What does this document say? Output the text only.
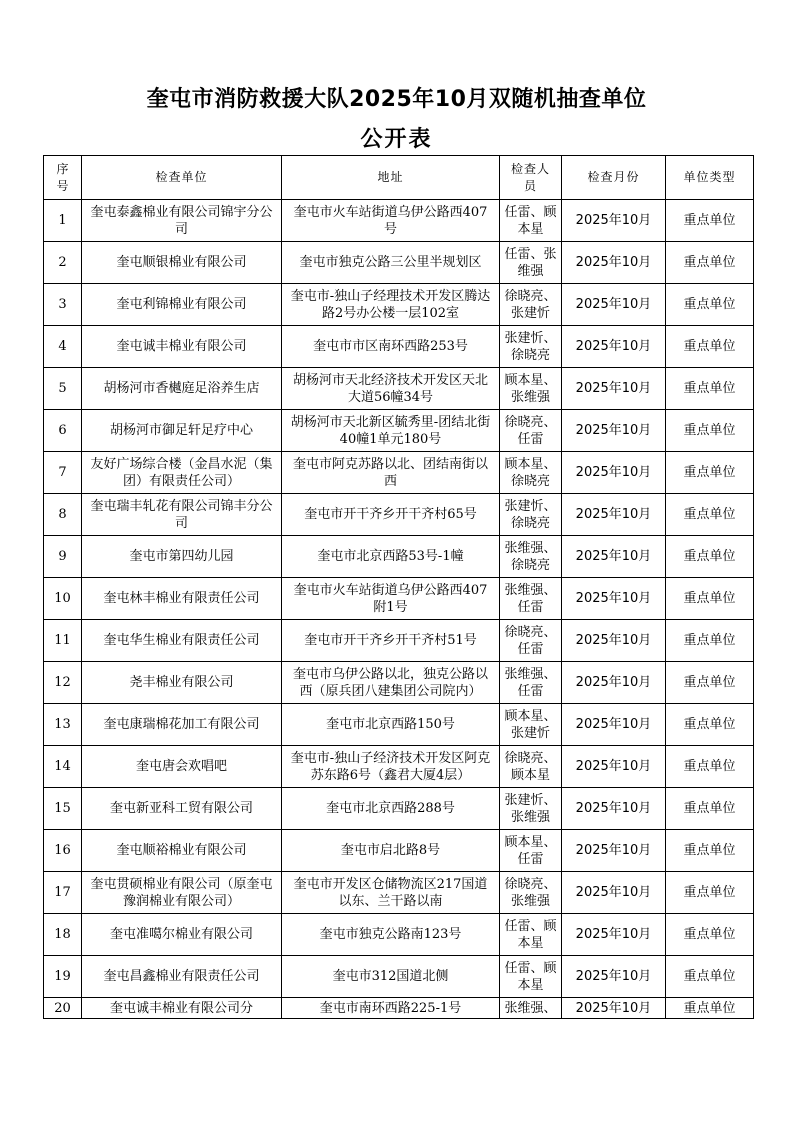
奎屯市消防救援大队2025年10月双随机抽查单位
公开表
序号	检查单位	地址	检查人员	检查月份	单位类型
1	奎屯泰鑫棉业有限公司锦宇分公司	奎屯市火车站街道乌伊公路西407号	任雷、顾本星	2025年10月	重点单位
2	奎屯顺银棉业有限公司	奎屯市独克公路三公里半规划区	任雷、张维强	2025年10月	重点单位
3	奎屯利锦棉业有限公司	奎屯市-独山子经理技术开发区腾达路2号办公楼一层102室	徐晓亮、张建忻	2025年10月	重点单位
4	奎屯诚丰棉业有限公司	奎屯市市区南环西路253号	张建忻、徐晓亮	2025年10月	重点单位
5	胡杨河市香樾庭足浴养生店	胡杨河市天北经济技术开发区天北大道56幢34号	顾本星、张维强	2025年10月	重点单位
6	胡杨河市御足轩足疗中心	胡杨河市天北新区毓秀里-团结北街40幢1单元180号	徐晓亮、任雷	2025年10月	重点单位
7	友好广场综合楼（金昌水泥（集团）有限责任公司）	奎屯市阿克苏路以北、团结南街以西	顾本星、徐晓亮	2025年10月	重点单位
8	奎屯瑞丰轧花有限公司锦丰分公司	奎屯市开干齐乡开干齐村65号	张建忻、徐晓亮	2025年10月	重点单位
9	奎屯市第四幼儿园	奎屯市北京西路53号-1幢	张维强、徐晓亮	2025年10月	重点单位
10	奎屯林丰棉业有限责任公司	奎屯市火车站街道乌伊公路西407附1号	张维强、任雷	2025年10月	重点单位
11	奎屯华生棉业有限责任公司	奎屯市开干齐乡开干齐村51号	徐晓亮、任雷	2025年10月	重点单位
12	尧丰棉业有限公司	奎屯市乌伊公路以北，独克公路以西（原兵团八建集团公司院内）	张维强、任雷	2025年10月	重点单位
13	奎屯康瑞棉花加工有限公司	奎屯市北京西路150号	顾本星、张建忻	2025年10月	重点单位
14	奎屯唐会欢唱吧	奎屯市-独山子经济技术开发区阿克苏东路6号（鑫君大厦4层）	徐晓亮、顾本星	2025年10月	重点单位
15	奎屯新亚科工贸有限公司	奎屯市北京西路288号	张建忻、张维强	2025年10月	重点单位
16	奎屯顺裕棉业有限公司	奎屯市启北路8号	顾本星、任雷	2025年10月	重点单位
17	奎屯贯硕棉业有限公司（原奎屯豫润棉业有限公司）	奎屯市开发区仓储物流区217国道以东、兰干路以南	徐晓亮、张维强	2025年10月	重点单位
18	奎屯准噶尔棉业有限公司	奎屯市独克公路南123号	任雷、顾本星	2025年10月	重点单位
19	奎屯昌鑫棉业有限责任公司	奎屯市312国道北侧	任雷、顾本星	2025年10月	重点单位
20	奎屯诚丰棉业有限公司分	奎屯市南环西路225-1号	张维强、	2025年10月	重点单位
